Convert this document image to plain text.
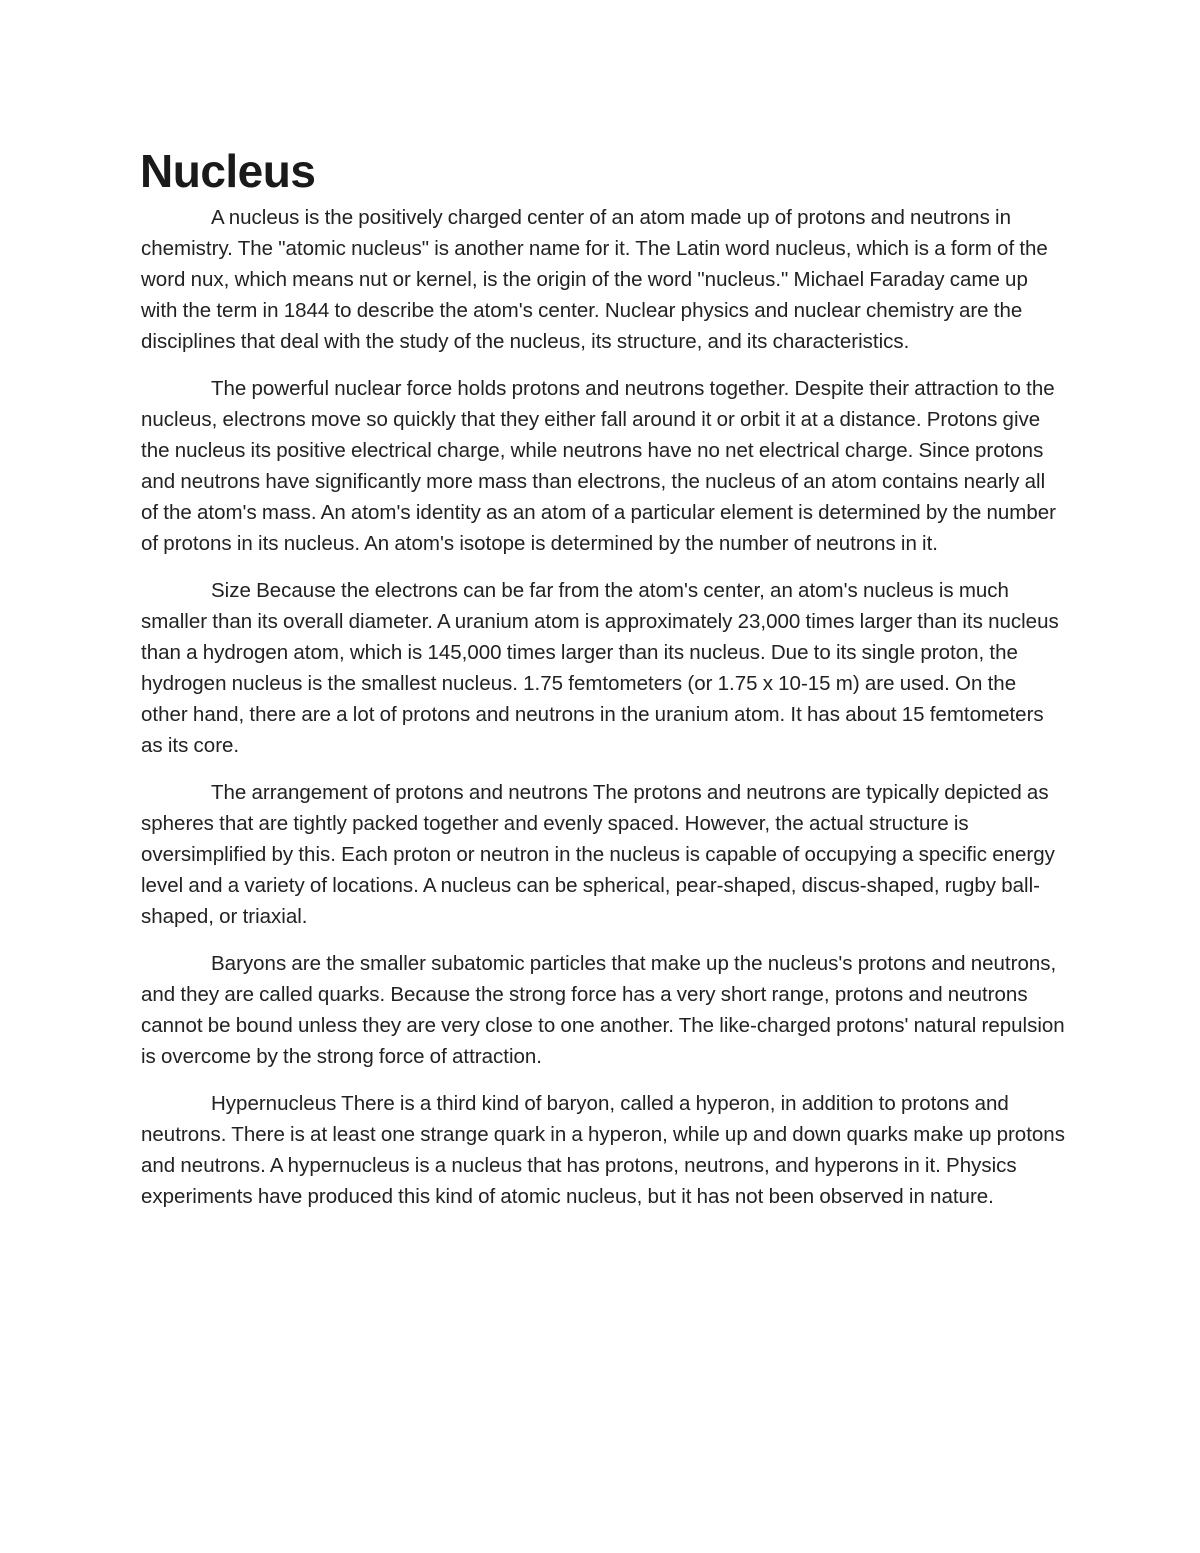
Nucleus

A nucleus is the positively charged center of an atom made up of protons and neutrons in chemistry. The "atomic nucleus" is another name for it. The Latin word nucleus, which is a form of the word nux, which means nut or kernel, is the origin of the word "nucleus." Michael Faraday came up with the term in 1844 to describe the atom's center. Nuclear physics and nuclear chemistry are the disciplines that deal with the study of the nucleus, its structure, and its characteristics.

The powerful nuclear force holds protons and neutrons together. Despite their attraction to the nucleus, electrons move so quickly that they either fall around it or orbit it at a distance. Protons give the nucleus its positive electrical charge, while neutrons have no net electrical charge. Since protons and neutrons have significantly more mass than electrons, the nucleus of an atom contains nearly all of the atom's mass. An atom's identity as an atom of a particular element is determined by the number of protons in its nucleus. An atom's isotope is determined by the number of neutrons in it.

Size Because the electrons can be far from the atom's center, an atom's nucleus is much smaller than its overall diameter. A uranium atom is approximately 23,000 times larger than its nucleus than a hydrogen atom, which is 145,000 times larger than its nucleus. Due to its single proton, the hydrogen nucleus is the smallest nucleus. 1.75 femtometers (or 1.75 x 10-15 m) are used. On the other hand, there are a lot of protons and neutrons in the uranium atom. It has about 15 femtometers as its core.

The arrangement of protons and neutrons The protons and neutrons are typically depicted as spheres that are tightly packed together and evenly spaced. However, the actual structure is oversimplified by this. Each proton or neutron in the nucleus is capable of occupying a specific energy level and a variety of locations. A nucleus can be spherical, pear-shaped, discus-shaped, rugby ball-shaped, or triaxial.

Baryons are the smaller subatomic particles that make up the nucleus's protons and neutrons, and they are called quarks. Because the strong force has a very short range, protons and neutrons cannot be bound unless they are very close to one another. The like-charged protons' natural repulsion is overcome by the strong force of attraction.

Hypernucleus There is a third kind of baryon, called a hyperon, in addition to protons and neutrons. There is at least one strange quark in a hyperon, while up and down quarks make up protons and neutrons. A hypernucleus is a nucleus that has protons, neutrons, and hyperons in it. Physics experiments have produced this kind of atomic nucleus, but it has not been observed in nature.
